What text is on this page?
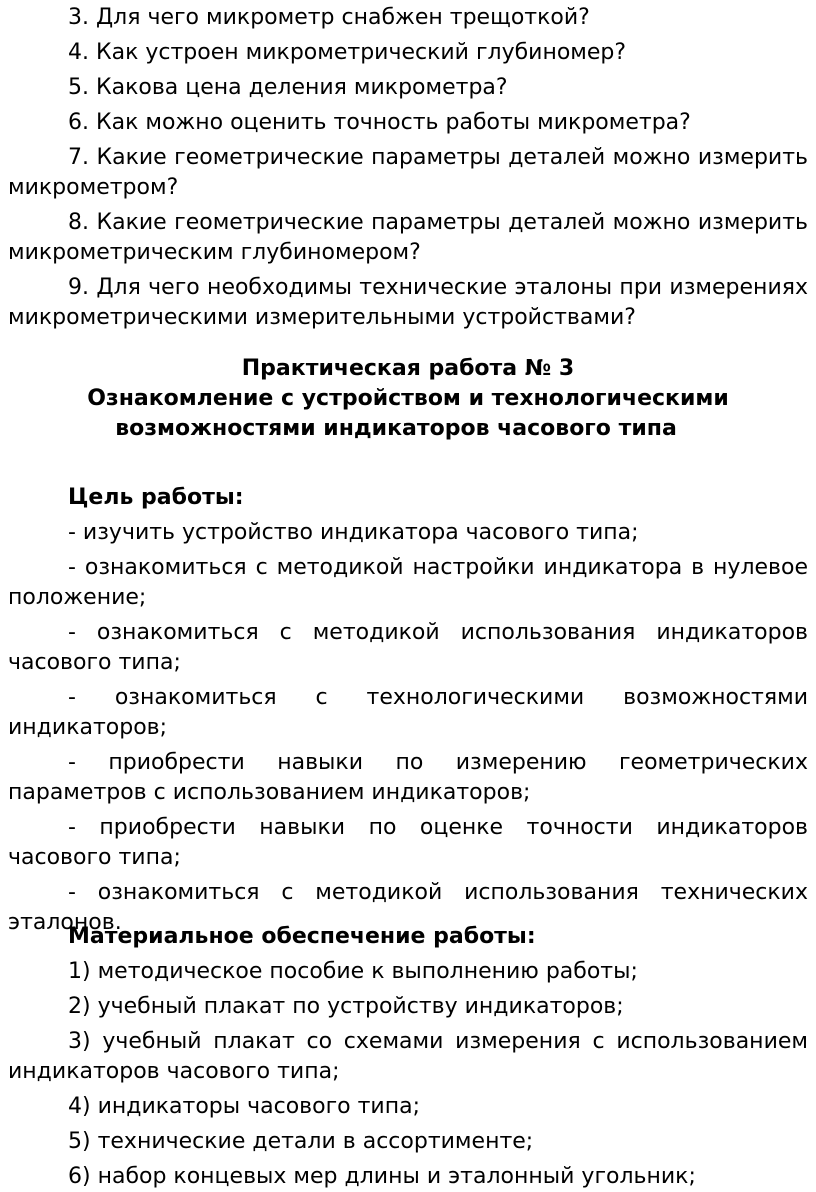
3. Для чего микрометр снабжен трещоткой?

4. Как устроен микрометрический глубиномер?

5. Какова цена деления микрометра?

6. Как можно оценить точность работы микрометра?

7. Какие геометрические параметры деталей можно измерить микрометром?

8. Какие геометрические параметры деталей можно измерить микрометрическим глубиномером?

9. Для чего необходимы технические эталоны при измерениях микрометрическими измерительными устройствами?

Практическая работа № 3

Ознакомление с устройством и технологическими

возможностями индикаторов часового типа

Цель работы:

- изучить устройство индикатора часового типа;

- ознакомиться с методикой настройки индикатора в нулевое положение;

- ознакомиться с методикой использования индикаторов часового типа;

- ознакомиться с технологическими возможностями индикаторов;

- приобрести навыки по измерению геометрических параметров с использованием индикаторов;

- приобрести навыки по оценке точности индикаторов часового типа;

- ознакомиться с методикой использования технических эталонов.

Материальное обеспечение работы:

1) методическое пособие к выполнению работы;

2) учебный плакат по устройству индикаторов;

3) учебный плакат со схемами измерения с использованием индикаторов часового типа;

4) индикаторы часового типа;

5) технические детали в ассортименте;

6) набор концевых мер длины и эталонный угольник;
